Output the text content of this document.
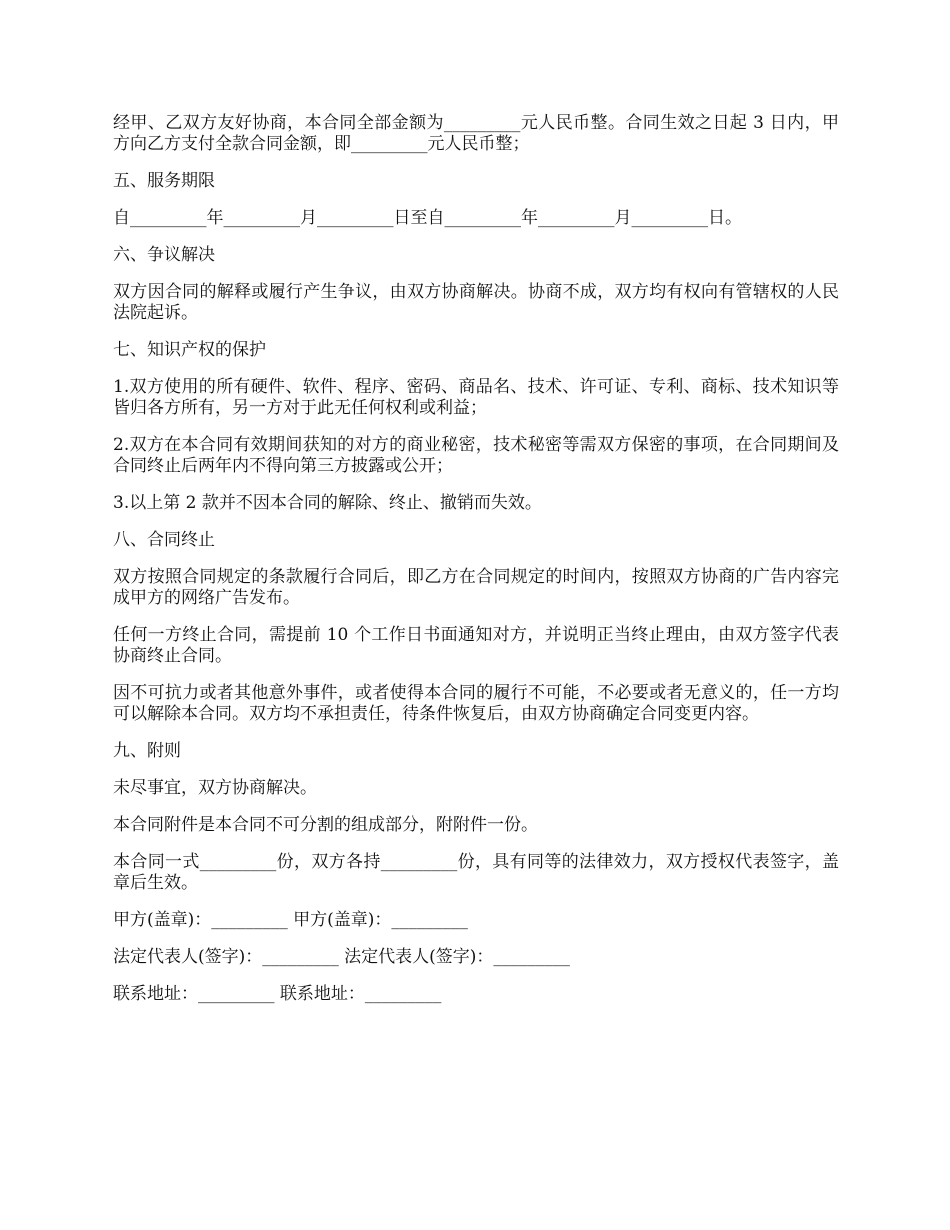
经甲、乙双方友好协商，本合同全部金额为_________元人民币整。合同生效之日起 3 日内，甲方向乙方支付全款合同金额，即_________元人民币整；

五、服务期限

自_________年_________月_________日至自_________年_________月_________日。

六、争议解决

双方因合同的解释或履行产生争议，由双方协商解决。协商不成，双方均有权向有管辖权的人民法院起诉。

七、知识产权的保护

1.双方使用的所有硬件、软件、程序、密码、商品名、技术、许可证、专利、商标、技术知识等皆归各方所有，另一方对于此无任何权利或利益；

2.双方在本合同有效期间获知的对方的商业秘密，技术秘密等需双方保密的事项，在合同期间及合同终止后两年内不得向第三方披露或公开；

3.以上第 2 款并不因本合同的解除、终止、撤销而失效。

八、合同终止

双方按照合同规定的条款履行合同后，即乙方在合同规定的时间内，按照双方协商的广告内容完成甲方的网络广告发布。

任何一方终止合同，需提前 10 个工作日书面通知对方，并说明正当终止理由，由双方签字代表协商终止合同。

因不可抗力或者其他意外事件，或者使得本合同的履行不可能，不必要或者无意义的，任一方均可以解除本合同。双方均不承担责任，待条件恢复后，由双方协商确定合同变更内容。

九、附则

未尽事宜，双方协商解决。

本合同附件是本合同不可分割的组成部分，附附件一份。

本合同一式_________份，双方各持_________份，具有同等的法律效力，双方授权代表签字，盖章后生效。

甲方(盖章)：_________ 甲方(盖章)：_________

法定代表人(签字)：_________ 法定代表人(签字)：_________

联系地址：_________ 联系地址：_________
